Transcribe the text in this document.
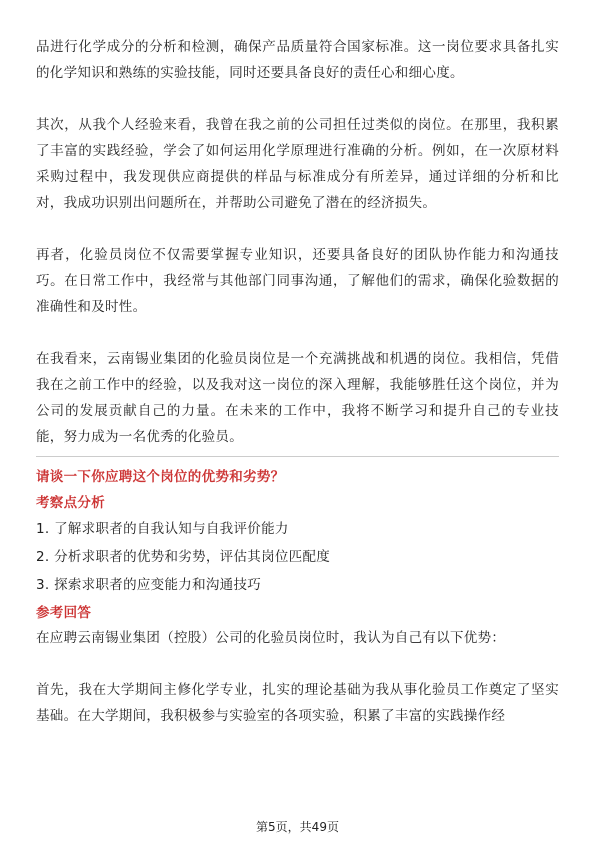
品进行化学成分的分析和检测，确保产品质量符合国家标准。这一岗位要求具备扎实的化学知识和熟练的实验技能，同时还要具备良好的责任心和细心度。

其次，从我个人经验来看，我曾在我之前的公司担任过类似的岗位。在那里，我积累了丰富的实践经验，学会了如何运用化学原理进行准确的分析。例如，在一次原材料采购过程中，我发现供应商提供的样品与标准成分有所差异，通过详细的分析和比对，我成功识别出问题所在，并帮助公司避免了潜在的经济损失。

再者，化验员岗位不仅需要掌握专业知识，还要具备良好的团队协作能力和沟通技巧。在日常工作中，我经常与其他部门同事沟通，了解他们的需求，确保化验数据的准确性和及时性。

在我看来，云南锡业集团的化验员岗位是一个充满挑战和机遇的岗位。我相信，凭借我在之前工作中的经验，以及我对这一岗位的深入理解，我能够胜任这个岗位，并为公司的发展贡献自己的力量。在未来的工作中，我将不断学习和提升自己的专业技能，努力成为一名优秀的化验员。

请谈一下你应聘这个岗位的优势和劣势？

考察点分析

1. 了解求职者的自我认知与自我评价能力

2. 分析求职者的优势和劣势，评估其岗位匹配度

3. 探索求职者的应变能力和沟通技巧

参考回答

在应聘云南锡业集团（控股）公司的化验员岗位时，我认为自己有以下优势：

首先，我在大学期间主修化学专业，扎实的理论基础为我从事化验员工作奠定了坚实基础。在大学期间，我积极参与实验室的各项实验，积累了丰富的实践操作经

第5页，共49页
